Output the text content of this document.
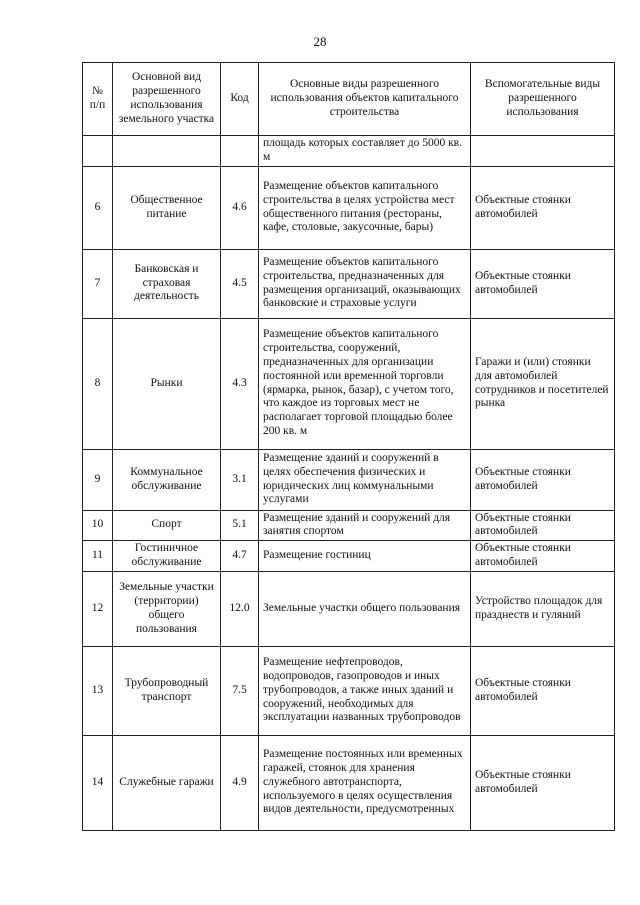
28
№ п/п	Основной вид разрешенного использования земельного участка	Код	Основные виды разрешенного использования объектов капитального строительства	Вспомогательные виды разрешенного использования
			площадь которых составляет до 5000 кв. м	
6	Общественное питание	4.6	Размещение объектов капитального строительства в целях устройства мест общественного питания (рестораны, кафе, столовые, закусочные, бары)	Объектные стоянки автомобилей
7	Банковская и страховая деятельность	4.5	Размещение объектов капитального строительства, предназначенных для размещения организаций, оказывающих банковские и страховые услуги	Объектные стоянки автомобилей
8	Рынки	4.3	Размещение объектов капитального строительства, сооружений, предназначенных для организации постоянной или временной торговли (ярмарка, рынок, базар), с учетом того, что каждое из торговых мест не располагает торговой площадью более 200 кв. м	Гаражи и (или) стоянки для автомобилей сотрудников и посетителей рынка
9	Коммунальное обслуживание	3.1	Размещение зданий и сооружений в целях обеспечения физических и юридических лиц коммунальными услугами	Объектные стоянки автомобилей
10	Спорт	5.1	Размещение зданий и сооружений для занятия спортом	Объектные стоянки автомобилей
11	Гостиничное обслуживание	4.7	Размещение гостиниц	Объектные стоянки автомобилей
12	Земельные участки (территории) общего пользования	12.0	Земельные участки общего пользования	Устройство площадок для празднеств и гуляний
13	Трубопроводный транспорт	7.5	Размещение нефтепроводов, водопроводов, газопроводов и иных трубопроводов, а также иных зданий и сооружений, необходимых для эксплуатации названных трубопроводов	Объектные стоянки автомобилей
14	Служебные гаражи	4.9	Размещение постоянных или временных гаражей, стоянок для хранения служебного автотранспорта, используемого в целях осуществления видов деятельности, предусмотренных	Объектные стоянки автомобилей
